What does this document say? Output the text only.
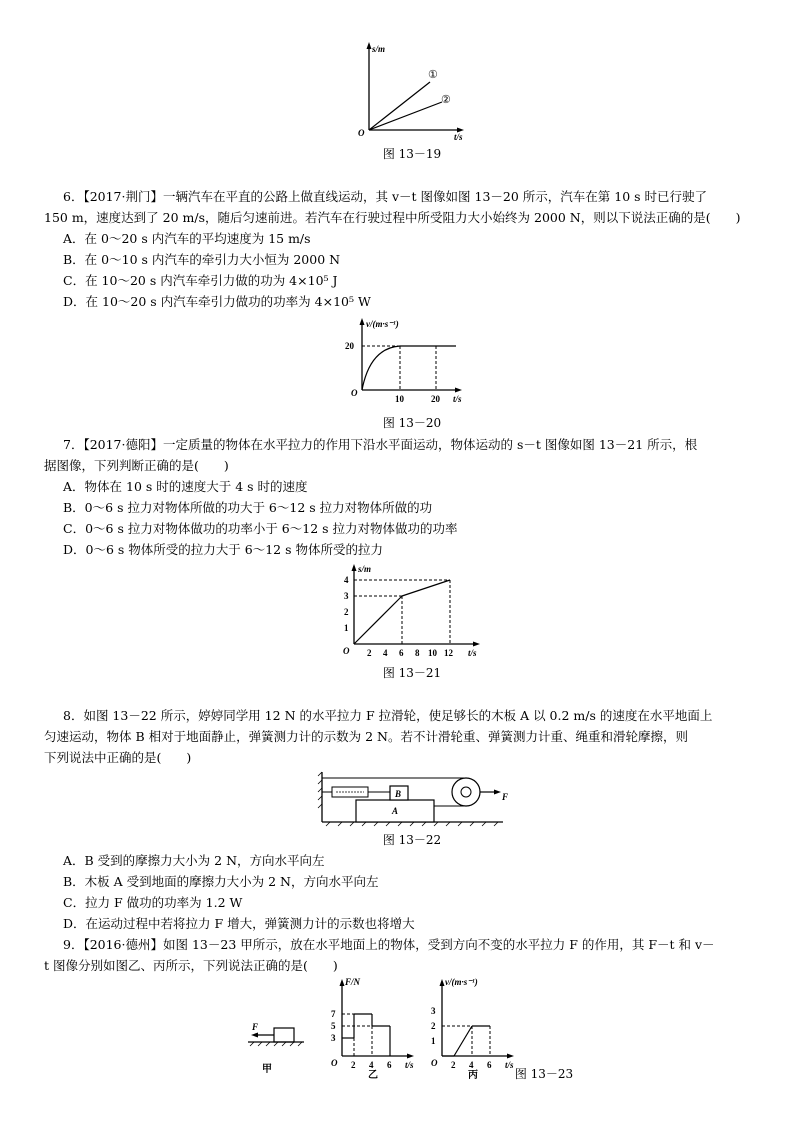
s/m
t/s
O
①
②
图 13－19
6．【2017·荆门】一辆汽车在平直的公路上做直线运动，其 v－t 图像如图 13－20 所示，汽车在第 10 s 时已行驶了
150 m，速度达到了 20 m/s，随后匀速前进。若汽车在行驶过程中所受阻力大小始终为 2000 N，则以下说法正确的是(　　)
A．在 0～20 s 内汽车的平均速度为 15 m/s
B．在 0～10 s 内汽车的牵引力大小恒为 2000 N
C．在 10～20 s 内汽车牵引力做的功为 4×10⁵ J
D．在 10～20 s 内汽车牵引力做功的功率为 4×10⁵ W
v/(m·s⁻¹)
t/s
O
20
10	20
图 13－20
7．【2017·德阳】一定质量的物体在水平拉力的作用下沿水平面运动，物体运动的 s－t 图像如图 13－21 所示，根
据图像，下列判断正确的是(　　)
A．物体在 10 s 时的速度大于 4 s 时的速度
B．0～6 s 拉力对物体所做的功大于 6～12 s 拉力对物体所做的功
C．0～6 s 拉力对物体做功的功率小于 6～12 s 拉力对物体做功的功率
D．0～6 s 物体所受的拉力大于 6～12 s 物体所受的拉力
s/m
t/s
O
1
2
3
4
2 4 6 8 10 12
图 13－21
8．如图 13－22 所示，婷婷同学用 12 N 的水平拉力 F 拉滑轮，使足够长的木板 A 以 0.2 m/s 的速度在水平地面上
匀速运动，物体 B 相对于地面静止，弹簧测力计的示数为 2 N。若不计滑轮重、弹簧测力计重、绳重和滑轮摩擦，则
下列说法中正确的是(　　)
A
B	F
图 13－22
A．B 受到的摩擦力大小为 2 N，方向水平向左
B．木板 A 受到地面的摩擦力大小为 2 N，方向水平向左
C．拉力 F 做功的功率为 1.2 W
D．在运动过程中若将拉力 F 增大，弹簧测力计的示数也将增大
9．【2016·德州】如图 13－23 甲所示，放在水平地面上的物体，受到方向不变的水平拉力 F 的作用，其 F－t 和 v－
t 图像分别如图乙、丙所示，下列说法正确的是(　　)
F
甲
F/N
t/s
O
7
5
3
2 4 6
乙
v/(m·s⁻¹)
t/s
O
3
2
1
2 4 6
丙	图 13－23
